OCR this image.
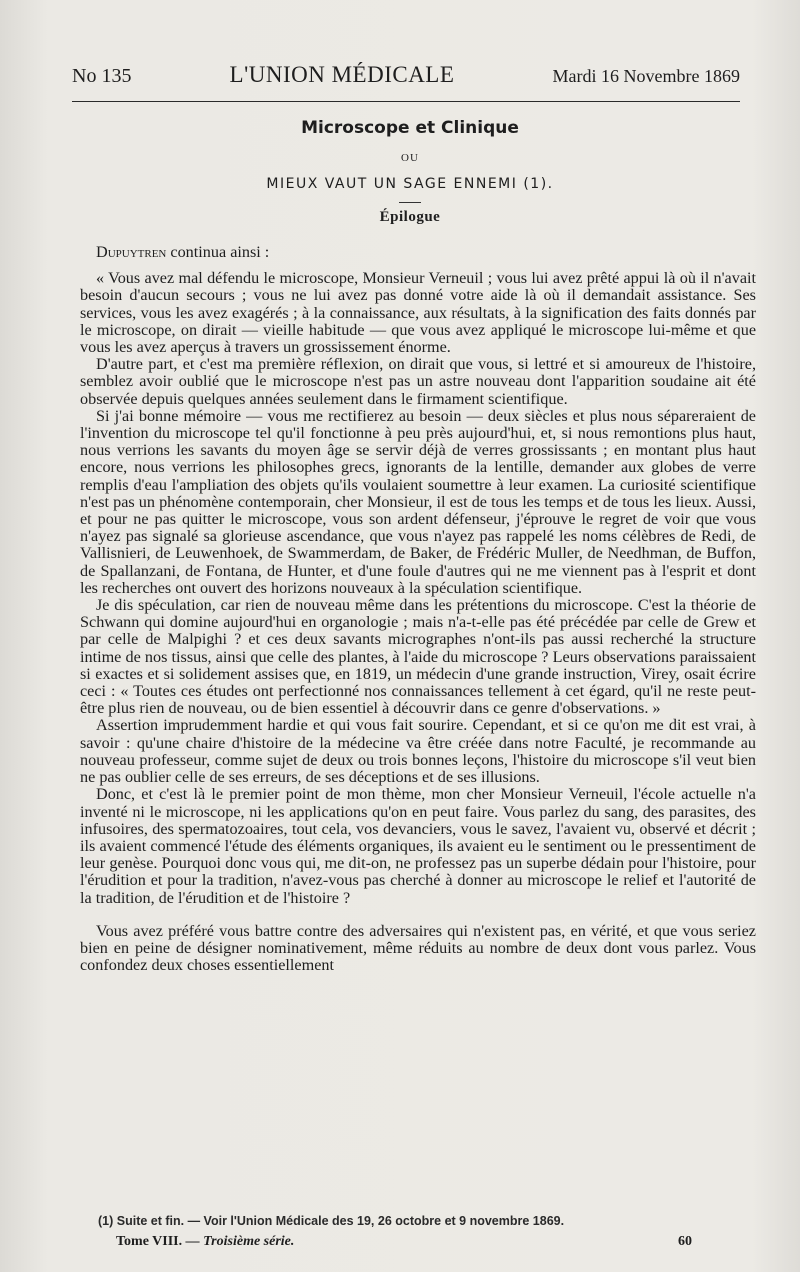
No 135	L'UNION MÉDICALE	Mardi 16 Novembre 1869
Microscope et Clinique
OU
MIEUX VAUT UN SAGE ENNEMI (1).
Épilogue

Dupuytren continua ainsi :

« Vous avez mal défendu le microscope, Monsieur Verneuil ; vous lui avez prêté appui là où il n'avait besoin d'aucun secours ; vous ne lui avez pas donné votre aide là où il demandait assistance. Ses services, vous les avez exagérés ; à la connaissance, aux résultats, à la signification des faits donnés par le microscope, on dirait — vieille habitude — que vous avez appliqué le microscope lui-même et que vous les avez aperçus à travers un grossissement énorme.

D'autre part, et c'est ma première réflexion, on dirait que vous, si lettré et si amoureux de l'histoire, semblez avoir oublié que le microscope n'est pas un astre nouveau dont l'apparition soudaine ait été observée depuis quelques années seulement dans le firmament scientifique.

Si j'ai bonne mémoire — vous me rectifierez au besoin — deux siècles et plus nous sépareraient de l'invention du microscope tel qu'il fonctionne à peu près aujourd'hui, et, si nous remontions plus haut, nous verrions les savants du moyen âge se servir déjà de verres grossissants ; en montant plus haut encore, nous verrions les philosophes grecs, ignorants de la lentille, demander aux globes de verre remplis d'eau l'ampliation des objets qu'ils voulaient soumettre à leur examen. La curiosité scientifique n'est pas un phénomène contemporain, cher Monsieur, il est de tous les temps et de tous les lieux. Aussi, et pour ne pas quitter le microscope, vous son ardent défenseur, j'éprouve le regret de voir que vous n'ayez pas signalé sa glorieuse ascendance, que vous n'ayez pas rappelé les noms célèbres de Redi, de Vallisnieri, de Leuwenhoek, de Swammerdam, de Baker, de Frédéric Muller, de Needhman, de Buffon, de Spallanzani, de Fontana, de Hunter, et d'une foule d'autres qui ne me viennent pas à l'esprit et dont les recherches ont ouvert des horizons nouveaux à la spéculation scientifique.

Je dis spéculation, car rien de nouveau même dans les prétentions du microscope. C'est la théorie de Schwann qui domine aujourd'hui en organologie ; mais n'a-t-elle pas été précédée par celle de Grew et par celle de Malpighi ? et ces deux savants micrographes n'ont-ils pas aussi recherché la structure intime de nos tissus, ainsi que celle des plantes, à l'aide du microscope ? Leurs observations paraissaient si exactes et si solidement assises que, en 1819, un médecin d'une grande instruction, Virey, osait écrire ceci : « Toutes ces études ont perfectionné nos connaissances tellement à cet égard, qu'il ne reste peut-être plus rien de nouveau, ou de bien essentiel à découvrir dans ce genre d'observations. »

Assertion imprudemment hardie et qui vous fait sourire. Cependant, et si ce qu'on me dit est vrai, à savoir : qu'une chaire d'histoire de la médecine va être créée dans notre Faculté, je recommande au nouveau professeur, comme sujet de deux ou trois bonnes leçons, l'histoire du microscope s'il veut bien ne pas oublier celle de ses erreurs, de ses déceptions et de ses illusions.

Donc, et c'est là le premier point de mon thème, mon cher Monsieur Verneuil, l'école actuelle n'a inventé ni le microscope, ni les applications qu'on en peut faire. Vous parlez du sang, des parasites, des infusoires, des spermatozoaires, tout cela, vos devanciers, vous le savez, l'avaient vu, observé et décrit ; ils avaient commencé l'étude des éléments organiques, ils avaient eu le sentiment ou le pressentiment de leur genèse. Pourquoi donc vous qui, me dit-on, ne professez pas un superbe dédain pour l'histoire, pour l'érudition et pour la tradition, n'avez-vous pas cherché à donner au microscope le relief et l'autorité de la tradition, de l'érudition et de l'histoire ?

Vous avez préféré vous battre contre des adversaires qui n'existent pas, en vérité, et que vous seriez bien en peine de désigner nominativement, même réduits au nombre de deux dont vous parlez. Vous confondez deux choses essentiellement

(1) Suite et fin. — Voir l'Union Médicale des 19, 26 octobre et 9 novembre 1869.
Tome VIII. — Troisième série.	60
